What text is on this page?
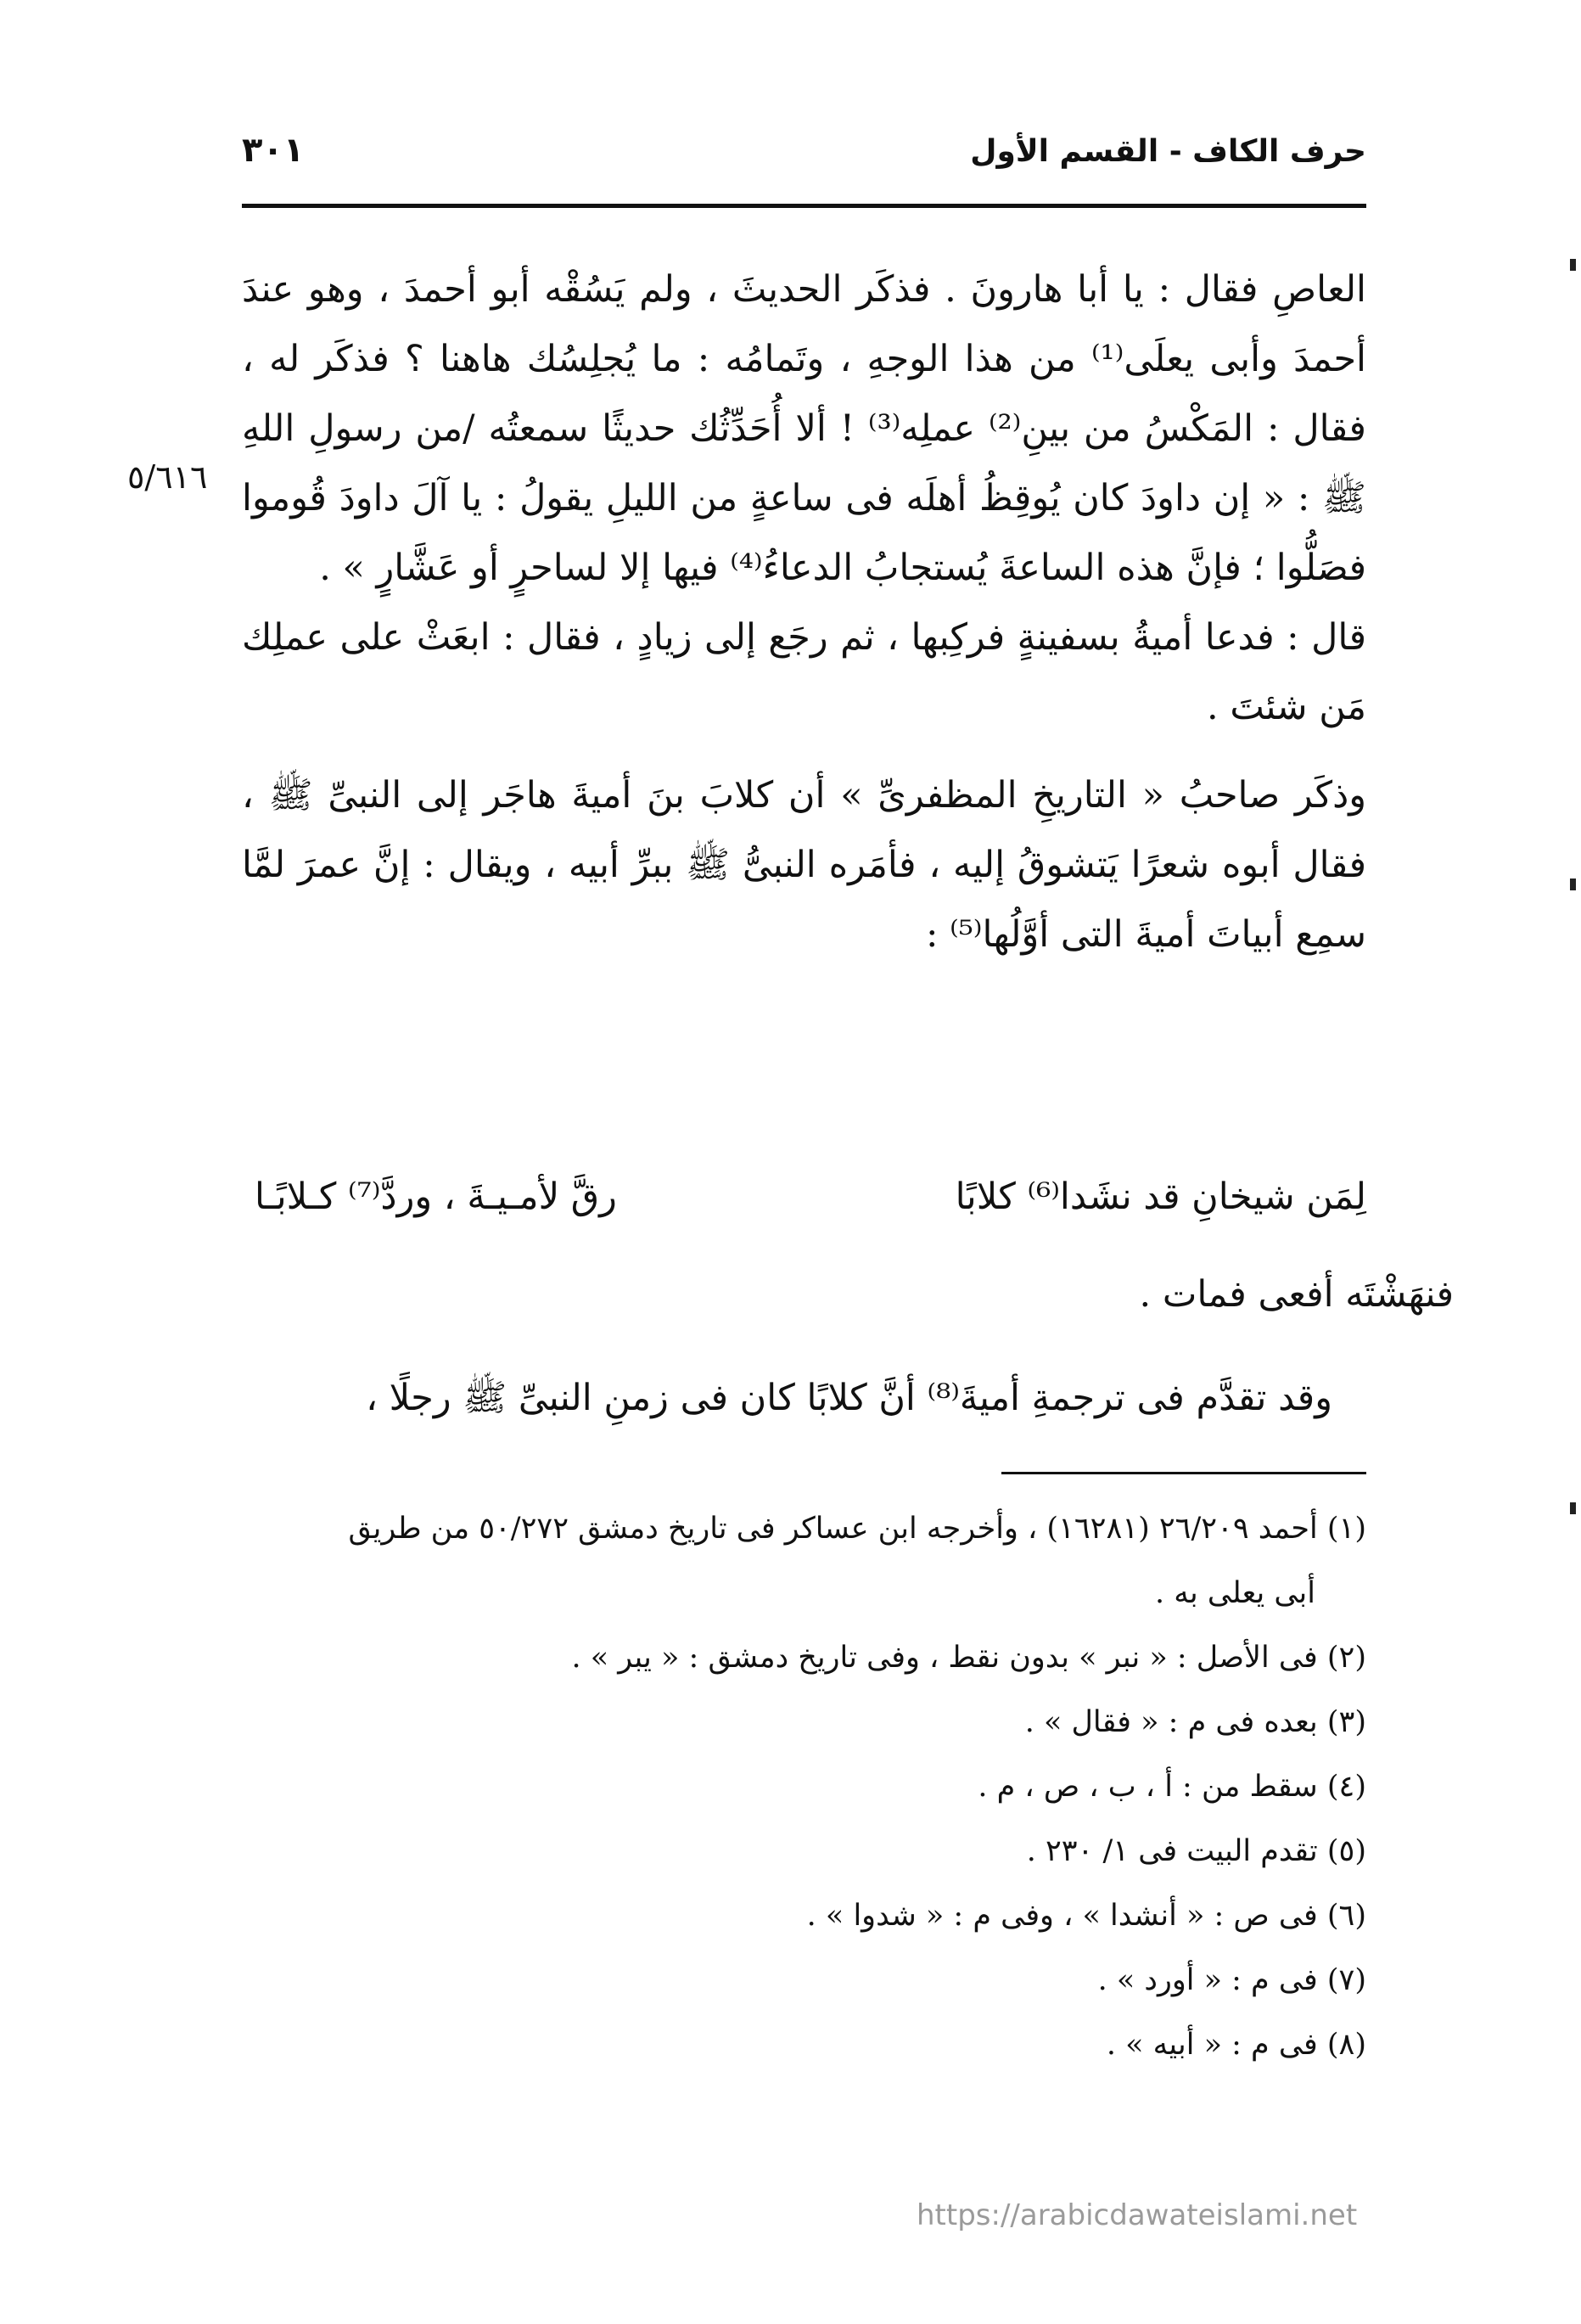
حرف الكاف - القسم الأول
٣٠١
٥/٦١٦

العاصِ فقال : يا أبا هارونَ . فذكَر الحديثَ ، ولم يَسُقْه أبو أحمدَ ، وهو عندَ أحمدَ وأبى يعلَى⁽¹⁾ من هذا الوجهِ ، وتَمامُه : ما يُجلِسُك هاهنا ؟ فذكَر له ، فقال : المَكْسُ من بينِ⁽²⁾ عملِه⁽³⁾ ! ألا أُحَدِّثُك حديثًا سمعتُه /من رسولِ اللهِ ﷺ : « إن داودَ كان يُوقِظُ أهلَه فى ساعةٍ من الليلِ يقولُ : يا آلَ داودَ قُوموا فصَلُّوا ؛ فإنَّ هذه الساعةَ يُستجابُ الدعاءُ⁽⁴⁾ فيها إلا لساحرٍ أو عَشَّارٍ » .

قال : فدعا أميةُ بسفينةٍ فركِبها ، ثم رجَع إلى زيادٍ ، فقال : ابعَثْ على عملِك مَن شئتَ .

وذكَر صاحبُ « التاريخِ المظفرىِّ » أن كلابَ بنَ أميةَ هاجَر إلى النبىِّ ﷺ ، فقال أبوه شعرًا يَتشوقُ إليه ، فأمَره النبىُّ ﷺ ببرِّ أبيه ، ويقال : إنَّ عمرَ لمَّا سمِع أبياتَ أميةَ التى أوَّلُها⁽⁵⁾ :

لِمَن شيخانِ قد نشَدا⁽⁶⁾ كلابًا
رقَّ لأمـيـةَ ، وردَّ⁽⁷⁾ كـلابًـا
فنهَشْتَه أفعى فمات .
وقد تقدَّم فى ترجمةِ أميةَ⁽⁸⁾ أنَّ كلابًا كان فى زمنِ النبىِّ ﷺ رجلًا ،

(١) أحمد ٢٦/٢٠٩ (١٦٢٨١) ، وأخرجه ابن عساكر فى تاريخ دمشق ٥٠/٢٧٢ من طريق

أبى يعلى به .

(٢) فى الأصل : « نبر » بدون نقط ، وفى تاريخ دمشق : « يبر » .

(٣) بعده فى م : « فقال » .

(٤) سقط من : أ ، ب ، ص ، م .

(٥) تقدم البيت فى ١/ ٢٣٠ .

(٦) فى ص : « أنشدا » ، وفى م : « شدوا » .

(٧) فى م : « أورد » .

(٨) فى م : « أبيه » .

https://arabicdawateislami.net
